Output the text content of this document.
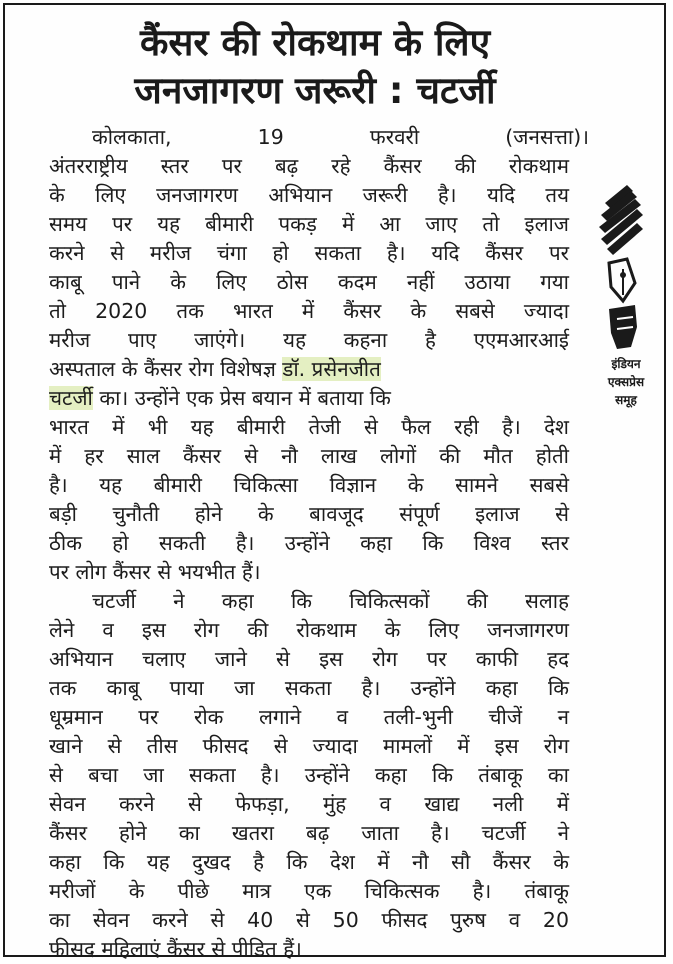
कैंसर की रोकथाम के लिए
जनजागरण जरूरी : चटर्जी
कोलकाता, 19 फरवरी (जनसत्ता)।
अंतरराष्ट्रीय स्तर पर बढ़ रहे कैंसर की रोकथाम
के लिए जनजागरण अभियान जरूरी है। यदि तय
समय पर यह बीमारी पकड़ में आ जाए तो इलाज
करने से मरीज चंगा हो सकता है। यदि कैंसर पर
काबू पाने के लिए ठोस कदम नहीं उठाया गया
तो 2020 तक भारत में कैंसर के सबसे ज्यादा
मरीज पाए जाएंगे। यह कहना है एएमआरआई
अस्पताल के कैंसर रोग विशेषज्ञ डॉ. प्रसेनजीत
चटर्जी का। उन्होंने एक प्रेस बयान में बताया कि
भारत में भी यह बीमारी तेजी से फैल रही है। देश
में हर साल कैंसर से नौ लाख लोगों की मौत होती
है। यह बीमारी चिकित्सा विज्ञान के सामने सबसे
बड़ी चुनौती होने के बावजूद संपूर्ण इलाज से
ठीक हो सकती है। उन्होंने कहा कि विश्व स्तर
पर लोग कैंसर से भयभीत हैं।
चटर्जी ने कहा कि चिकित्सकों की सलाह
लेने व इस रोग की रोकथाम के लिए जनजागरण
अभियान चलाए जाने से इस रोग पर काफी हद
तक काबू पाया जा सकता है। उन्होंने कहा कि
धूम्रमान पर रोक लगाने व तली-भुनी चीजें न
खाने से तीस फीसद से ज्यादा मामलों में इस रोग
से बचा जा सकता है। उन्होंने कहा कि तंबाकू का
सेवन करने से फेफड़ा, मुंह व खाद्य नली में
कैंसर होने का खतरा बढ़ जाता है। चटर्जी ने
कहा कि यह दुखद है कि देश में नौ सौ कैंसर के
मरीजों के पीछे मात्र एक चिकित्सक है। तंबाकू
का सेवन करने से 40 से 50 फीसद पुरुष व 20
फीसद महिलाएं कैंसर से पीडित हैं।
इंडियन
एक्सप्रेस
समूह
